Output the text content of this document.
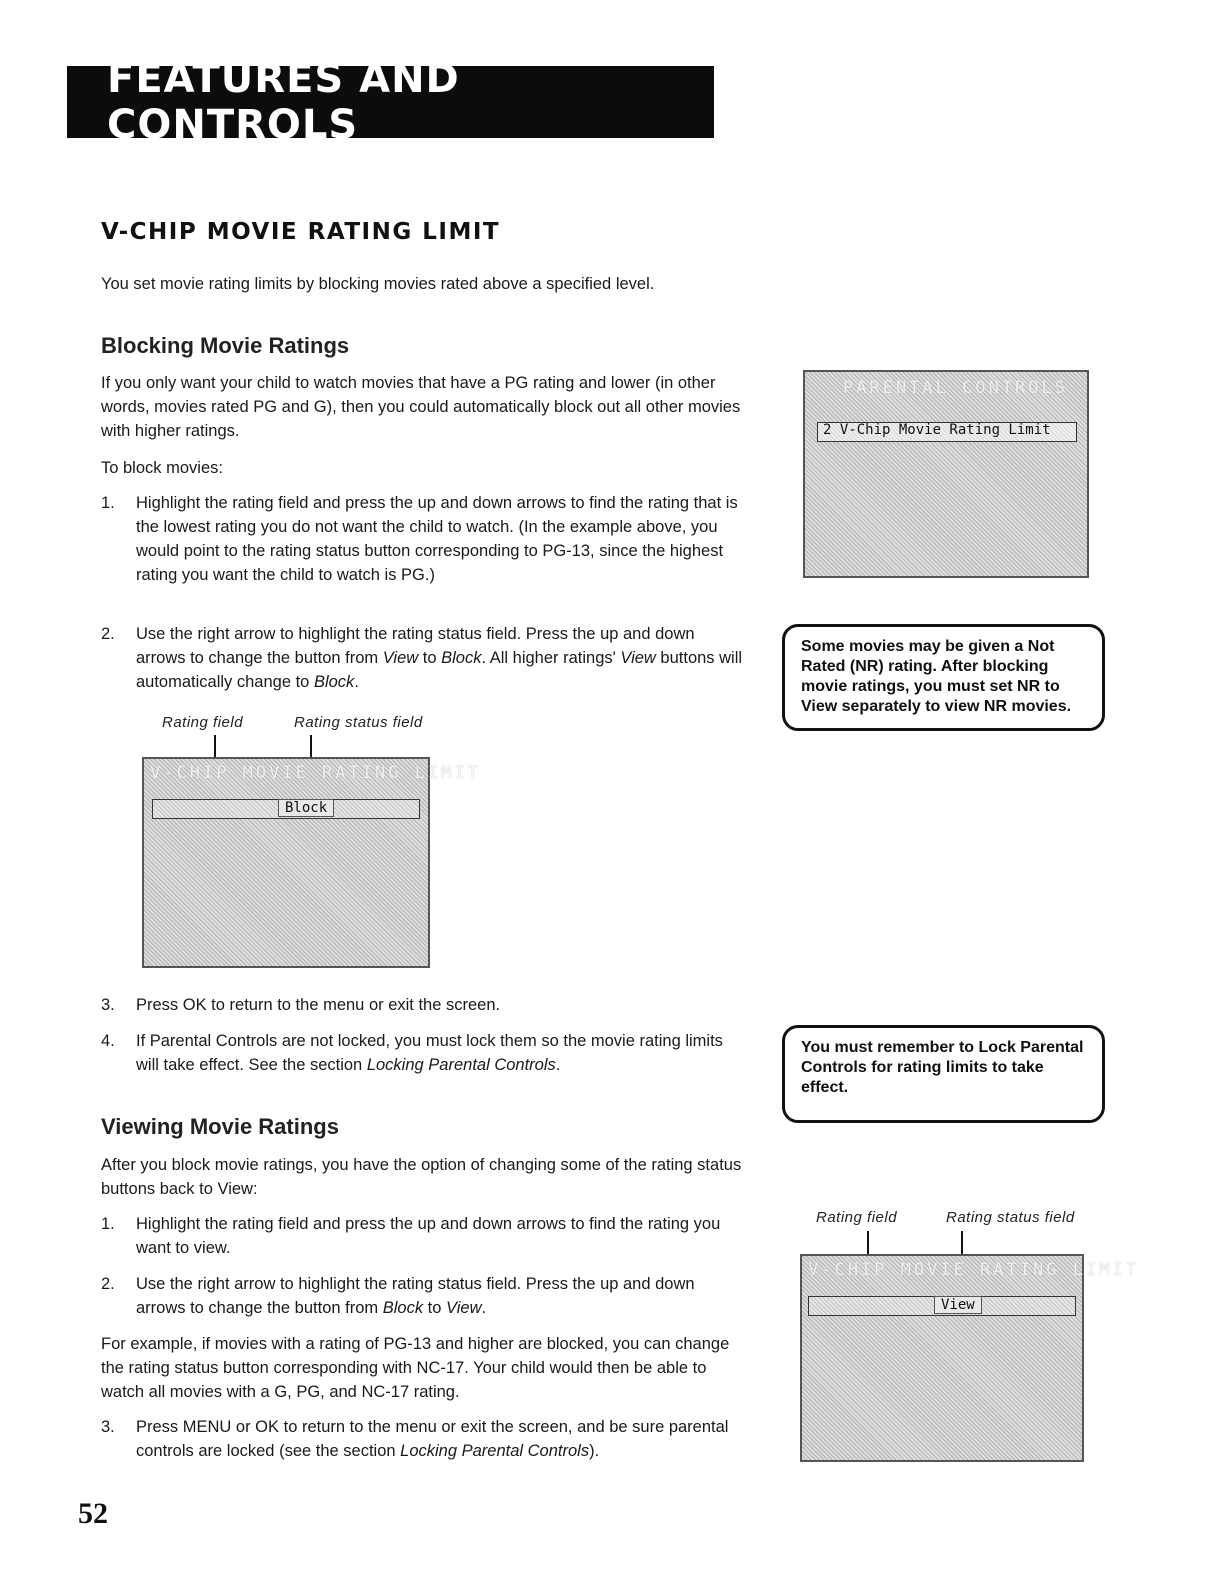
FEATURES AND CONTROLS
V-CHIP MOVIE RATING LIMIT
You set movie rating limits by blocking movies rated above a specified level.
Blocking Movie Ratings
If you only want your child to watch movies that have a PG rating and lower (in other words, movies rated PG and G), then you could automatically block out all other movies with higher ratings.
To block movies:
1. Highlight the rating field and press the up and down arrows to find the rating that is the lowest rating you do not want the child to watch. (In the example above, you would point to the rating status button corresponding to PG-13, since the highest rating you want the child to watch is PG.)
2. Use the right arrow to highlight the rating status field. Press the up and down arrows to change the button from View to Block. All higher ratings' View buttons will automatically change to Block.
Rating field	Rating status field
V-CHIP MOVIE RATING LIMIT
Block
3. Press OK to return to the menu or exit the screen.
4. If Parental Controls are not locked, you must lock them so the movie rating limits will take effect. See the section Locking Parental Controls.
Viewing Movie Ratings
After you block movie ratings, you have the option of changing some of the rating status buttons back to View:
1. Highlight the rating field and press the up and down arrows to find the rating you want to view.
2. Use the right arrow to highlight the rating status field. Press the up and down arrows to change the button from Block to View.
For example, if movies with a rating of PG-13 and higher are blocked, you can change the rating status button corresponding with NC-17. Your child would then be able to watch all movies with a G, PG, and NC-17 rating.
3. Press MENU or OK to return to the menu or exit the screen, and be sure parental controls are locked (see the section Locking Parental Controls).
PARENTAL CONTROLS
2 V-Chip Movie Rating Limit
Some movies may be given a Not Rated (NR) rating. After blocking movie ratings, you must set NR to View separately to view NR movies.
You must remember to Lock Parental Controls for rating limits to take effect.
Rating field	Rating status field
V-CHIP MOVIE RATING LIMIT
View
52
